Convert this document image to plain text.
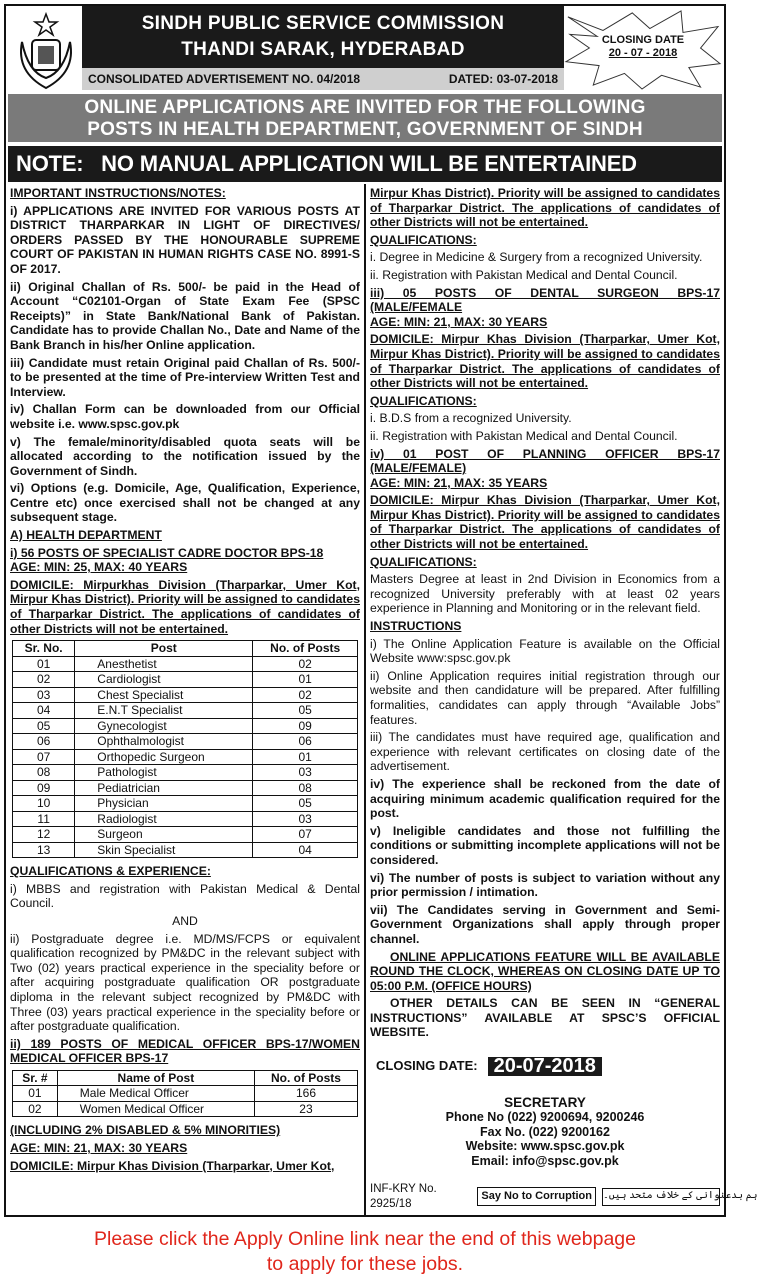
SINDH PUBLIC SERVICE COMMISSION
THANDI SARAK, HYDERABAD
CONSOLIDATED ADVERTISEMENT NO. 04/2018	DATED: 03-07-2018
CLOSING DATE
20 - 07 - 2018
ONLINE APPLICATIONS ARE INVITED FOR THE FOLLOWING
POSTS IN HEALTH DEPARTMENT, GOVERNMENT OF SINDH
NOTE:   NO MANUAL APPLICATION WILL BE ENTERTAINED

IMPORTANT INSTRUCTIONS/NOTES:

i) APPLICATIONS ARE INVITED FOR VARIOUS POSTS AT DISTRICT THARPARKAR IN LIGHT OF DIRECTIVES/ ORDERS PASSED BY THE HONOURABLE SUPREME COURT OF PAKISTAN IN HUMAN RIGHTS CASE NO. 8991-S OF 2017.

ii) Original Challan of Rs. 500/- be paid in the Head of Account “C02101-Organ of State Exam Fee (SPSC Receipts)” in State Bank/National Bank of Pakistan. Candidate has to provide Challan No., Date and Name of the Bank Branch in his/her Online application.

iii) Candidate must retain Original paid Challan of Rs. 500/- to be presented at the time of Pre-interview Written Test and Interview.

iv) Challan Form can be downloaded from our Official website i.e. www.spsc.gov.pk

v) The female/minority/disabled quota seats will be allocated according to the notification issued by the Government of Sindh.

vi) Options (e.g. Domicile, Age, Qualification, Experience, Centre etc) once exercised shall not be changed at any subsequent stage.

A) HEALTH DEPARTMENT

i) 56 POSTS OF SPECIALIST CADRE DOCTOR BPS-18

AGE: MIN: 25, MAX: 40 YEARS

DOMICILE: Mirpurkhas Division (Tharparkar, Umer Kot, Mirpur Khas District). Priority will be assigned to candidates of Tharparkar District. The applications of candidates of other Districts will not be entertained.

Sr. No.	Post	No. of Posts
01	Anesthetist	02
02	Cardiologist	01
03	Chest Specialist	02
04	E.N.T Specialist	05
05	Gynecologist	09
06	Ophthalmologist	06
07	Orthopedic Surgeon	01
08	Pathologist	03
09	Pediatrician	08
10	Physician	05
11	Radiologist	03
12	Surgeon	07
13	Skin Specialist	04

QUALIFICATIONS & EXPERIENCE:

i) MBBS and registration with Pakistan Medical & Dental Council.

AND

ii) Postgraduate degree i.e. MD/MS/FCPS or equivalent qualification recognized by PM&DC in the relevant subject with Two (02) years practical experience in the speciality before or after acquiring postgraduate qualification OR postgraduate diploma in the relevant subject recognized by PM&DC with Three (03) years practical experience in the speciality before or after postgraduate qualification.

ii) 189 POSTS OF MEDICAL OFFICER BPS-17/WOMEN MEDICAL OFFICER BPS-17

Sr. #	Name of Post	No. of Posts
01	Male Medical Officer	166
02	Women Medical Officer	23

(INCLUDING 2% DISABLED & 5% MINORITIES)

AGE: MIN: 21, MAX: 30 YEARS

DOMICILE: Mirpur Khas Division (Tharparkar, Umer Kot,

Mirpur Khas District). Priority will be assigned to candidates of Tharparkar District. The applications of candidates of other Districts will not be entertained.

QUALIFICATIONS:

i. Degree in Medicine & Surgery from a recognized University.

ii. Registration with Pakistan Medical and Dental Council.

iii) 05 POSTS OF DENTAL SURGEON BPS-17 (MALE/FEMALE

AGE: MIN: 21, MAX: 30 YEARS

DOMICILE: Mirpur Khas Division (Tharparkar, Umer Kot, Mirpur Khas District). Priority will be assigned to candidates of Tharparkar District. The applications of candidates of other Districts will not be entertained.

QUALIFICATIONS:

i. B.D.S from a recognized University.

ii. Registration with Pakistan Medical and Dental Council.

iv) 01 POST OF PLANNING OFFICER BPS-17 (MALE/FEMALE)

AGE: MIN: 21, MAX: 35 YEARS

DOMICILE: Mirpur Khas Division (Tharparkar, Umer Kot, Mirpur Khas District). Priority will be assigned to candidates of Tharparkar District. The applications of candidates of other Districts will not be entertained.

QUALIFICATIONS:

Masters Degree at least in 2nd Division in Economics from a recognized University preferably with at least 02 years experience in Planning and Monitoring or in the relevant field.

INSTRUCTIONS

i) The Online Application Feature is available on the Official Website www:spsc.gov.pk

ii) Online Application requires initial registration through our website and then candidature will be prepared. After fulfilling formalities, candidates can apply through “Available Jobs” features.

iii) The candidates must have required age, qualification and experience with relevant certificates on closing date of the advertisement.

iv) The experience shall be reckoned from the date of acquiring minimum academic qualification required for the post.

v) Ineligible candidates and those not fulfilling the conditions or submitting incomplete applications will not be considered.

vi) The number of posts is subject to variation without any prior permission / intimation.

vii) The Candidates serving in Government and Semi-Government Organizations shall apply through proper channel.

ONLINE APPLICATIONS FEATURE WILL BE AVAILABLE ROUND THE CLOCK, WHEREAS ON CLOSING DATE UP TO 05:00 P.M. (OFFICE HOURS)

OTHER DETAILS CAN BE SEEN IN “GENERAL INSTRUCTIONS” AVAILABLE AT SPSC’S OFFICIAL WEBSITE.

CLOSING DATE: 20-07-2018
SECRETARY
Phone No (022) 9200694, 9200246
Fax No. (022) 9200162
Website: www.spsc.gov.pk
Email: info@spsc.gov.pk
INF-KRY No. 2925/18
Say No to Corruption	ہم بدعنوانی کے خلاف متحد ہیں۔
Please click the Apply Online link near the end of this webpage
to apply for these jobs.
